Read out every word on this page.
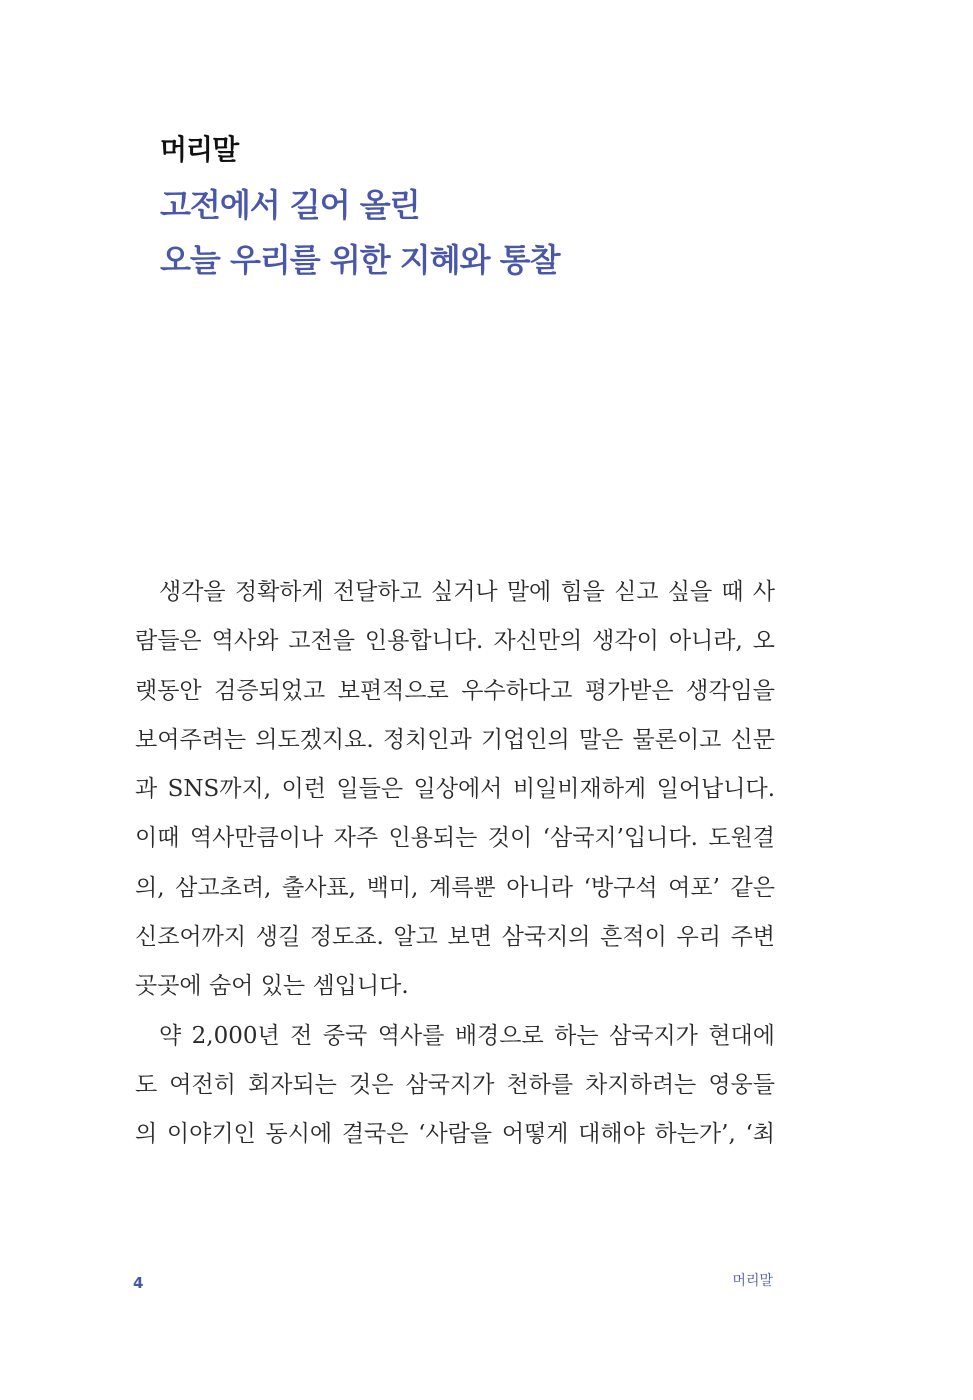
머리말
고전에서 길어 올린
오늘 우리를 위한 지혜와 통찰

생각을 정확하게 전달하고 싶거나 말에 힘을 싣고 싶을 때 사
람들은 역사와 고전을 인용합니다. 자신만의 생각이 아니라, 오
랫동안 검증되었고 보편적으로 우수하다고 평가받은 생각임을
보여주려는 의도겠지요. 정치인과 기업인의 말은 물론이고 신문
과 SNS까지, 이런 일들은 일상에서 비일비재하게 일어납니다.
이때 역사만큼이나 자주 인용되는 것이 ‘삼국지’입니다. 도원결
의, 삼고초려, 출사표, 백미, 계륵뿐 아니라 ‘방구석 여포’ 같은
신조어까지 생길 정도죠. 알고 보면 삼국지의 흔적이 우리 주변
곳곳에 숨어 있는 셈입니다.

약 2,000년 전 중국 역사를 배경으로 하는 삼국지가 현대에
도 여전히 회자되는 것은 삼국지가 천하를 차지하려는 영웅들
의 이야기인 동시에 결국은 ‘사람을 어떻게 대해야 하는가’, ‘최

4	머리말
